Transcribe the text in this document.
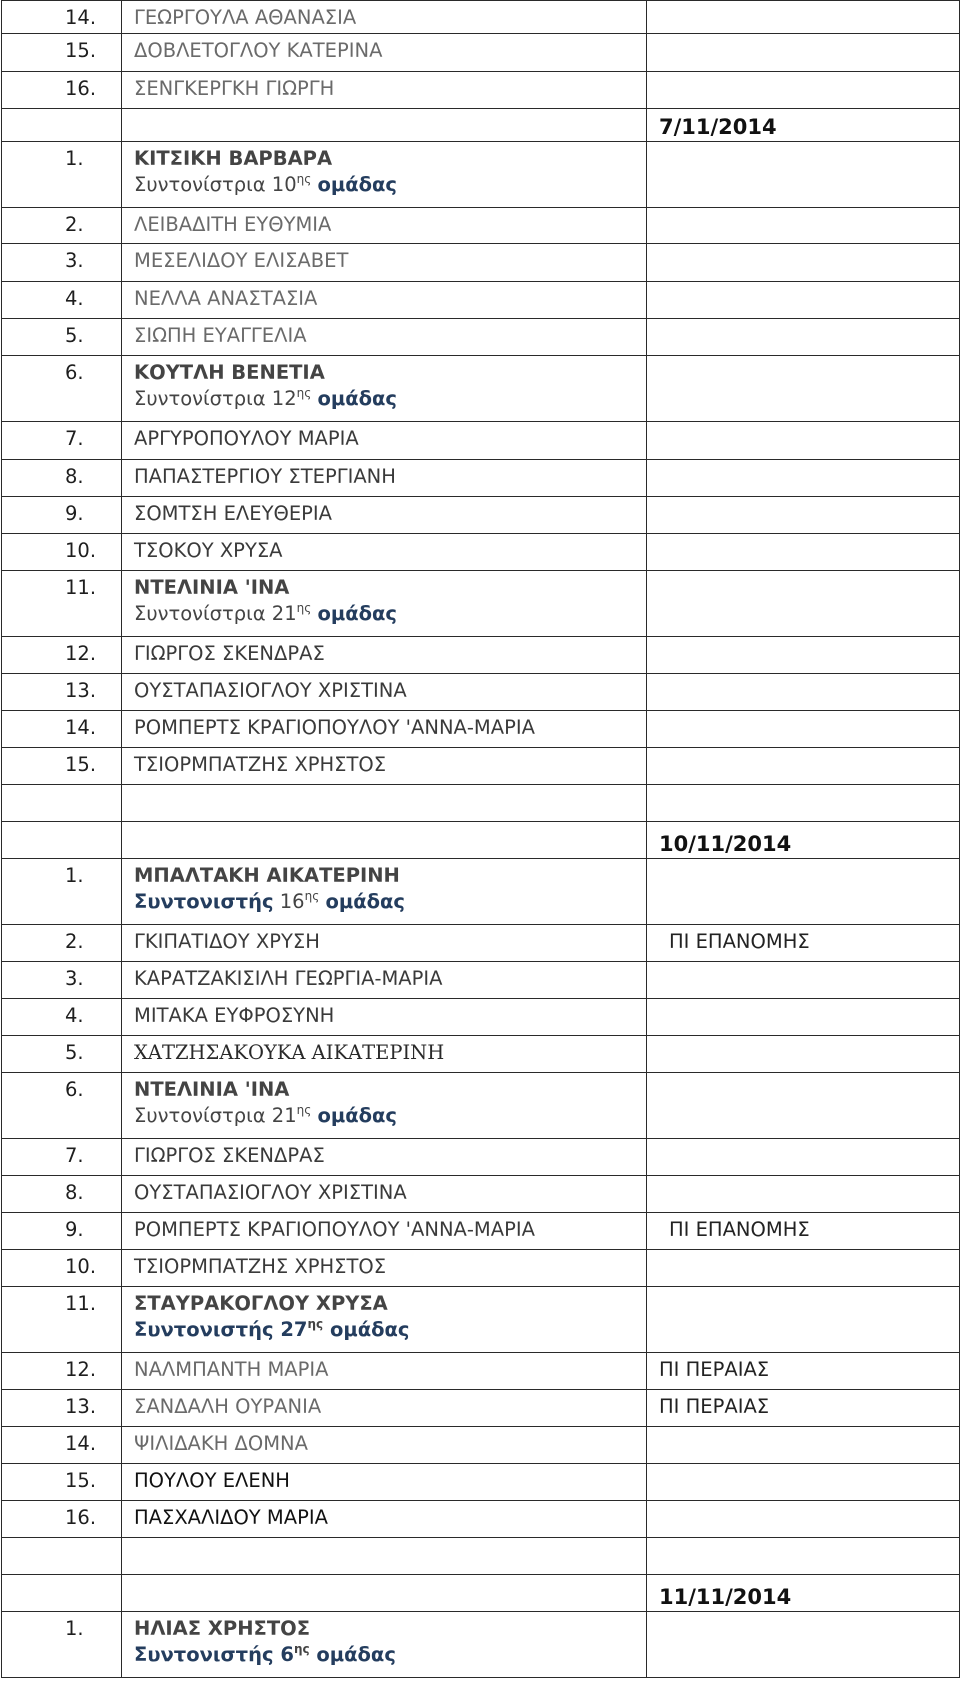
14.	ΓΕΩΡΓΟΥΛΑ ΑΘΑΝΑΣΙΑ	
15.	ΔΟΒΛΕΤΟΓΛΟΥ ΚΑΤΕΡΙΝΑ	
16.	ΣΕΝΓΚΕΡΓΚΗ ΓΙΩΡΓΗ	
		7/11/2014
1.	ΚΙΤΣΙΚΗ ΒΑΡΒΑΡΑ
Συντονίστρια $10^{\eta\varsigma}$ ομάδας	

2.	ΛΕΙΒΑΔΙΤΗ ΕΥΘΥΜΙΑ	
3.	ΜΕΣΕΛΙΔΟΥ ΕΛΙΣΑΒΕΤ	
4.	ΝΕΛΛΑ ΑΝΑΣΤΑΣΙΑ	
5.	ΣΙΩΠΗ ΕΥΑΓΓΕΛΙΑ	
6.	ΚΟΥΤΛΗ ΒΕΝΕΤΙΑ
Συντονίστρια $12^{\eta\varsigma}$ ομάδας	

7.	ΑΡΓΥΡΟΠΟΥΛΟΥ ΜΑΡΙΑ	
8.	ΠΑΠΑΣΤΕΡΓΙΟΥ ΣΤΕΡΓΙΑΝΗ	
9.	ΣΟΜΤΣΗ ΕΛΕΥΘΕΡΙΑ	
10.	ΤΣΟΚΟΥ ΧΡΥΣΑ	
11.	ΝΤΕΛΙΝΙΑ 'ΙΝΑ
Συντονίστρια $21^{\eta\varsigma}$ ομάδας	

12.	ΓΙΩΡΓΟΣ ΣΚΕΝΔΡΑΣ	
13.	ΟΥΣΤΑΠΑΣΙΟΓΛΟΥ ΧΡΙΣΤΙΝΑ	
14.	ΡΟΜΠΕΡΤΣ ΚΡΑΓΙΟΠΟΥΛΟΥ 'ΑΝΝΑ-ΜΑΡΙΑ	
15.	ΤΣΙΟΡΜΠΑΤΖΗΣ ΧΡΗΣΤΟΣ	

		10/11/2014
1.	ΜΠΑΛΤΑΚΗ ΑΙΚΑΤΕΡΙΝΗ
Συντονιστής $16^{\eta\varsigma}$ ομάδας	

2.	ΓΚΙΠΑΤΙΔΟΥ ΧΡΥΣΗ	ΠΙ ΕΠΑΝΟΜΗΣ
3.	ΚΑΡΑΤΖΑΚΙΣΙΛΗ ΓΕΩΡΓΙΑ-ΜΑΡΙΑ	
4.	ΜΙΤΑΚΑ ΕΥΦΡΟΣΥΝΗ	
5.	ΧΑΤΖΗΣΑΚΟΥΚΑ ΑΙΚΑΤΕΡΙΝΗ	
6.	ΝΤΕΛΙΝΙΑ 'ΙΝΑ
Συντονίστρια $21^{\eta\varsigma}$ ομάδας	

7.	ΓΙΩΡΓΟΣ ΣΚΕΝΔΡΑΣ	
8.	ΟΥΣΤΑΠΑΣΙΟΓΛΟΥ ΧΡΙΣΤΙΝΑ	
9.	ΡΟΜΠΕΡΤΣ ΚΡΑΓΙΟΠΟΥΛΟΥ 'ΑΝΝΑ-ΜΑΡΙΑ	ΠΙ ΕΠΑΝΟΜΗΣ
10.	ΤΣΙΟΡΜΠΑΤΖΗΣ ΧΡΗΣΤΟΣ	
11.	ΣΤΑΥΡΑΚΟΓΛΟΥ ΧΡΥΣΑ
Συντονιστής $27^{\eta\varsigma}$ ομάδας	

12.	ΝΑΛΜΠΑΝΤΗ ΜΑΡΙΑ	ΠΙ ΠΕΡΑΙΑΣ
13.	ΣΑΝΔΑΛΗ ΟΥΡΑΝΙΑ	ΠΙ ΠΕΡΑΙΑΣ
14.	ΨΙΛΙΔΑΚΗ ΔΟΜΝΑ	
15.	ΠΟΥΛΟΥ ΕΛΕΝΗ	
16.	ΠΑΣΧΑΛΙΔΟΥ ΜΑΡΙΑ	

		11/11/2014
1.	ΗΛΙΑΣ ΧΡΗΣΤΟΣ
Συντονιστής $6^{\eta\varsigma}$ ομάδας	
